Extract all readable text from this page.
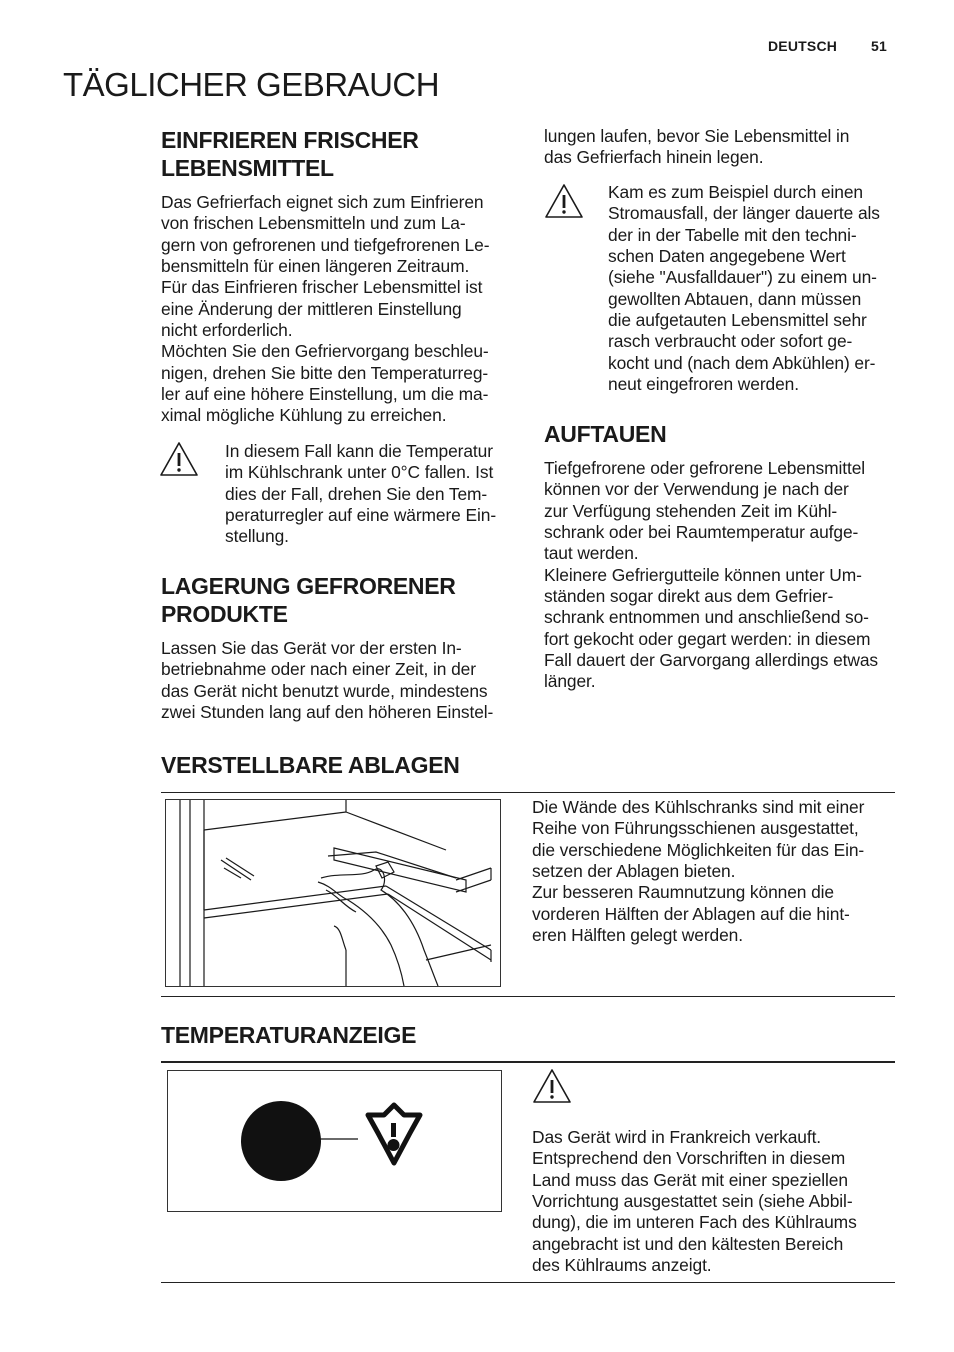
DEUTSCH 51
TÄGLICHER GEBRAUCH
EINFRIEREN FRISCHER
LEBENSMITTEL
Das Gefrierfach eignet sich zum Einfrieren
von frischen Lebensmitteln und zum La-
gern von gefrorenen und tiefgefrorenen Le-
bensmitteln für einen längeren Zeitraum.
Für das Einfrieren frischer Lebensmittel ist
eine Änderung der mittleren Einstellung
nicht erforderlich.
Möchten Sie den Gefriervorgang beschleu-
nigen, drehen Sie bitte den Temperaturreg-
ler auf eine höhere Einstellung, um die ma-
ximal mögliche Kühlung zu erreichen.
In diesem Fall kann die Temperatur
im Kühlschrank unter 0°C fallen. Ist
dies der Fall, drehen Sie den Tem-
peraturregler auf eine wärmere Ein-
stellung.
LAGERUNG GEFRORENER
PRODUKTE
Lassen Sie das Gerät vor der ersten In-
betriebnahme oder nach einer Zeit, in der
das Gerät nicht benutzt wurde, mindestens
zwei Stunden lang auf den höheren Einstel-
lungen laufen, bevor Sie Lebensmittel in
das Gefrierfach hinein legen.
Kam es zum Beispiel durch einen
Stromausfall, der länger dauerte als
der in der Tabelle mit den techni-
schen Daten angegebene Wert
(siehe "Ausfalldauer") zu einem un-
gewollten Abtauen, dann müssen
die aufgetauten Lebensmittel sehr
rasch verbraucht oder sofort ge-
kocht und (nach dem Abkühlen) er-
neut eingefroren werden.
AUFTAUEN
Tiefgefrorene oder gefrorene Lebensmittel
können vor der Verwendung je nach der
zur Verfügung stehenden Zeit im Kühl-
schrank oder bei Raumtemperatur aufge-
taut werden.
Kleinere Gefriergutteile können unter Um-
ständen sogar direkt aus dem Gefrier-
schrank entnommen und anschließend so-
fort gekocht oder gegart werden: in diesem
Fall dauert der Garvorgang allerdings etwas
länger.
VERSTELLBARE ABLAGEN
Die Wände des Kühlschranks sind mit einer
Reihe von Führungsschienen ausgestattet,
die verschiedene Möglichkeiten für das Ein-
setzen der Ablagen bieten.
Zur besseren Raumnutzung können die
vorderen Hälften der Ablagen auf die hint-
eren Hälften gelegt werden.
TEMPERATURANZEIGE
Das Gerät wird in Frankreich verkauft.
Entsprechend den Vorschriften in diesem
Land muss das Gerät mit einer speziellen
Vorrichtung ausgestattet sein (siehe Abbil-
dung), die im unteren Fach des Kühlraums
angebracht ist und den kältesten Bereich
des Kühlraums anzeigt.
